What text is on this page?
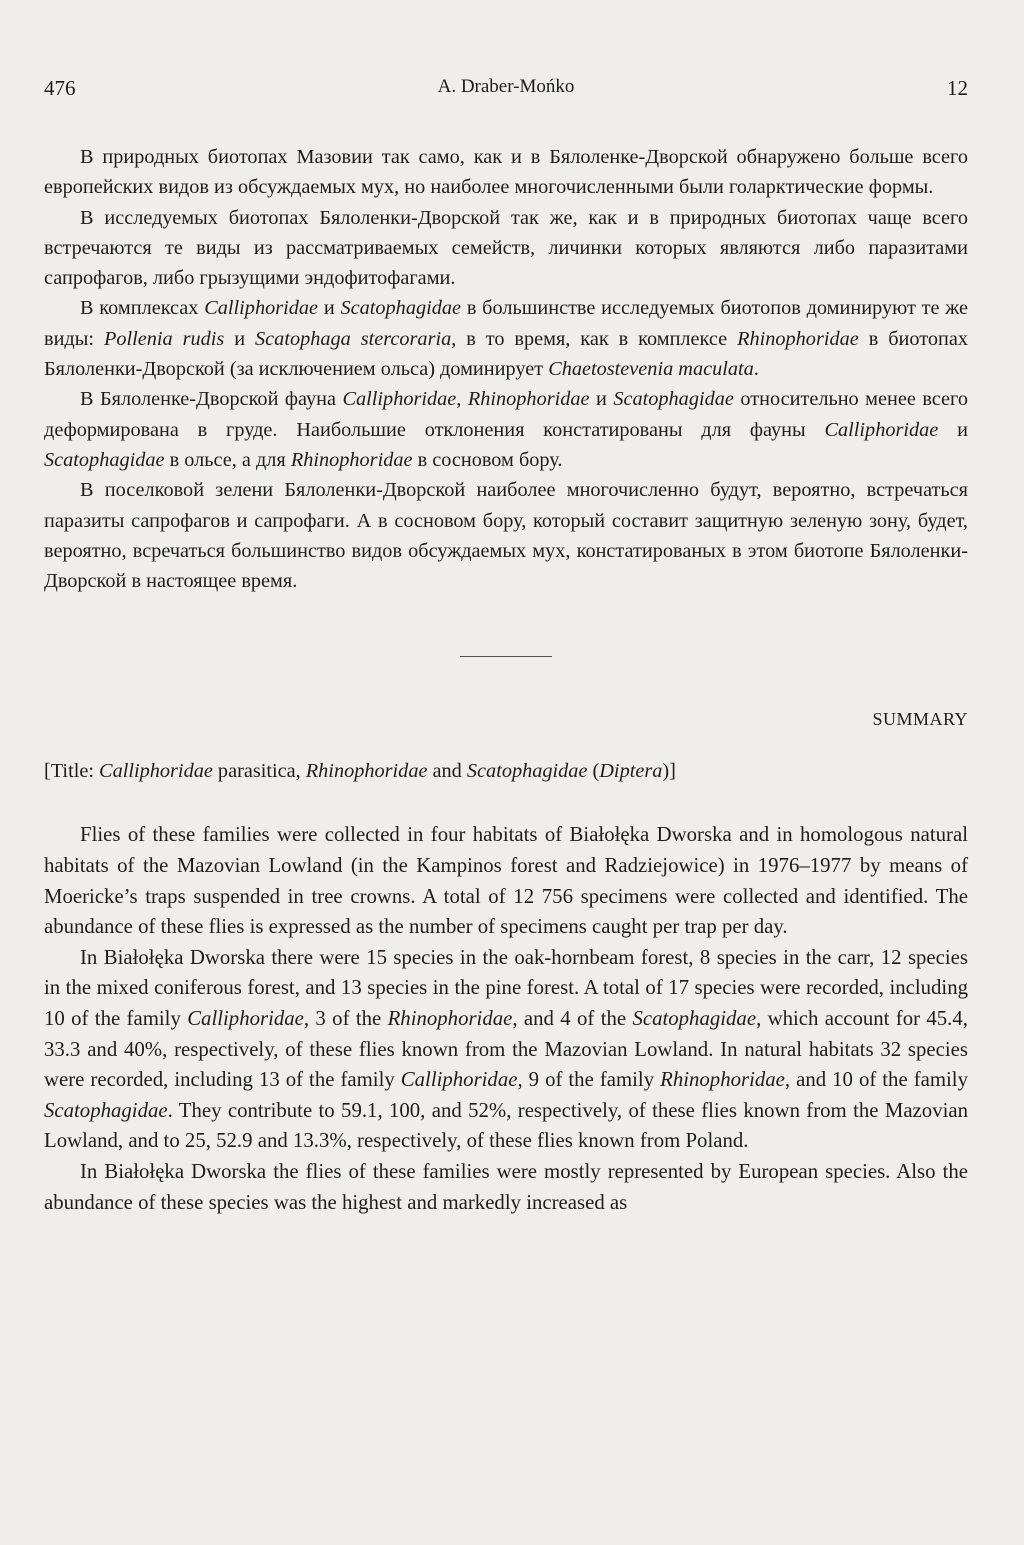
476	A. Draber-Mońko	12

В природных биотопах Мазовии так само, как и в Бялоленке-Дворской обнаружено больше всего европейских видов из обсуждаемых мух, но наиболее многочисленными были голарктические формы.

В исследуемых биотопах Бялоленки-Дворской так же, как и в природных биотопах чаще всего встречаются те виды из рассматриваемых семейств, личинки которых являются либо паразитами сапрофагов, либо грызущими эндофитофагами.

В комплексах Calliphoridae и Scatophagidae в большинстве исследуемых биотопов доминируют те же виды: Pollenia rudis и Scatophaga stercoraria, в то время, как в комплексе Rhinophoridae в биотопах Бялоленки-Дворской (за исключением ольса) доминирует Chaetostevenia maculata.

В Бялоленке-Дворской фауна Calliphoridae, Rhinophoridae и Scatophagidae относительно менее всего деформирована в груде. Наибольшие отклонения констатированы для фауны Calliphoridae и Scatophagidae в ольсе, а для Rhinophoridae в сосновом бору.

В поселковой зелени Бялоленки-Дворской наиболее многочисленно будут, вероятно, встречаться паразиты сапрофагов и сапрофаги. А в сосновом бору, который составит защитную зеленую зону, будет, вероятно, всречаться большинство видов обсуждаемых мух, констатированых в этом биотопе Бялоленки-Дворской в настоящее время.

SUMMARY
[Title: Calliphoridae parasitica, Rhinophoridae and Scatophagidae (Diptera)]

Flies of these families were collected in four habitats of Białołęka Dworska and in homologous natural habitats of the Mazovian Lowland (in the Kampinos forest and Radziejowice) in 1976–1977 by means of Moericke’s traps suspended in tree crowns. A total of 12 756 specimens were collected and identified. The abundance of these flies is expressed as the number of specimens caught per trap per day.

In Białołęka Dworska there were 15 species in the oak-hornbeam forest, 8 species in the carr, 12 species in the mixed coniferous forest, and 13 species in the pine forest. A total of 17 species were recorded, including 10 of the family Calliphoridae, 3 of the Rhinophoridae, and 4 of the Scatophagidae, which account for 45.4, 33.3 and 40%, respectively, of these flies known from the Mazovian Lowland. In natural habitats 32 species were recorded, including 13 of the family Calliphoridae, 9 of the family Rhinophoridae, and 10 of the family Scatophagidae. They contribute to 59.1, 100, and 52%, respectively, of these flies known from the Mazovian Lowland, and to 25, 52.9 and 13.3%, respectively, of these flies known from Poland.

In Białołęka Dworska the flies of these families were mostly represented by European species. Also the abundance of these species was the highest and markedly increased as
